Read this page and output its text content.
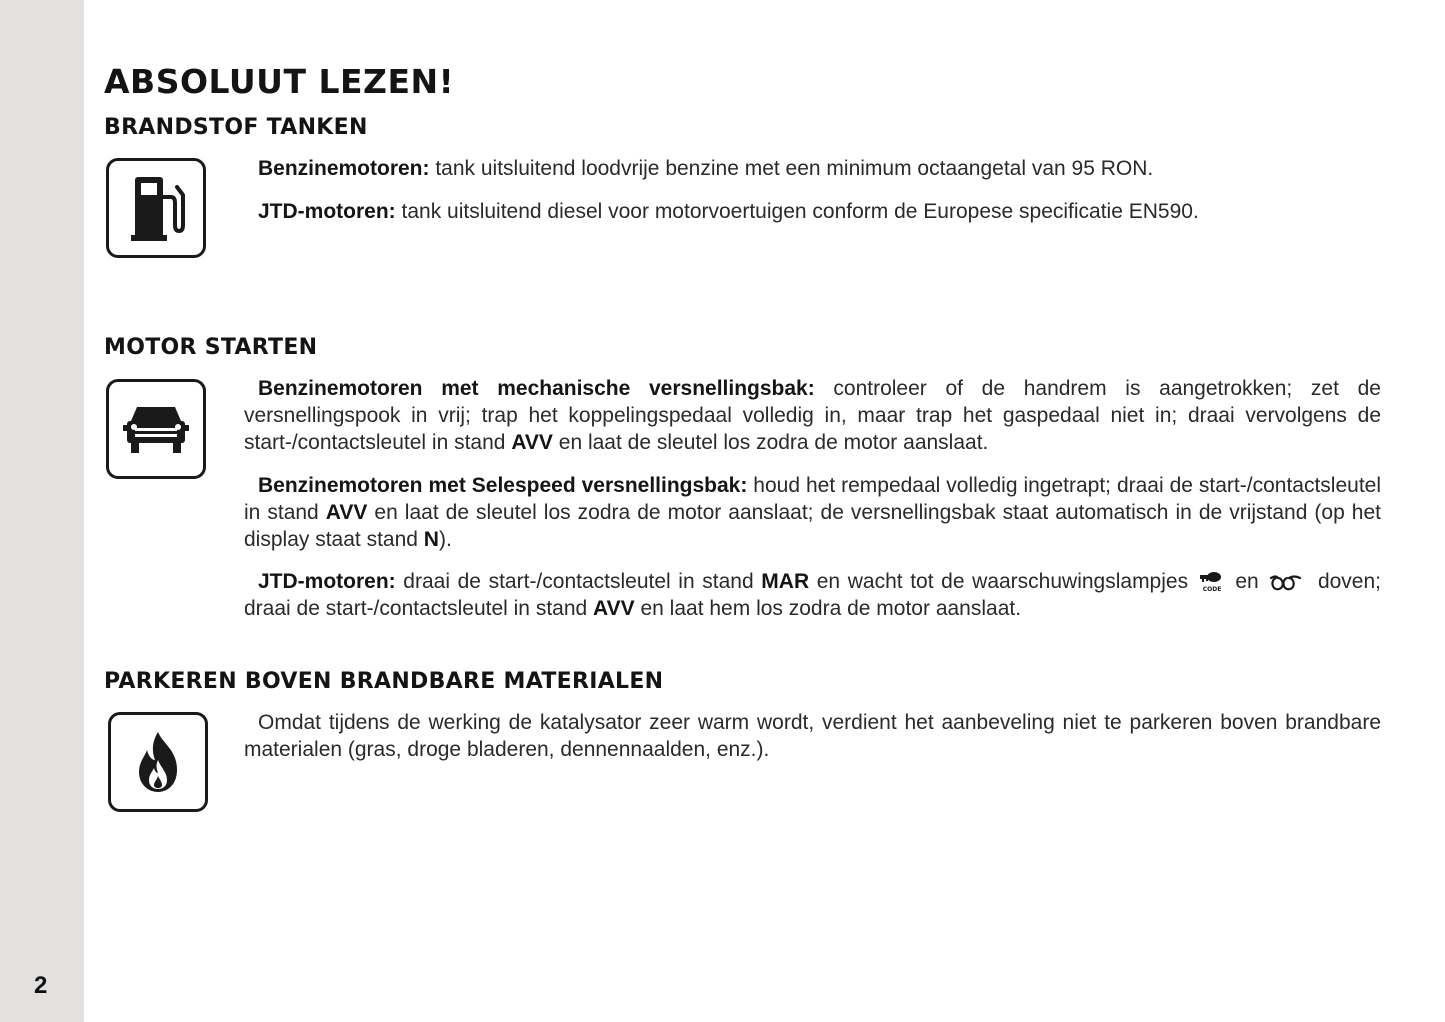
2
ABSOLUUT LEZEN!
BRANDSTOF TANKEN

Benzinemotoren: tank uitsluitend loodvrije benzine met een minimum octaangetal van 95 RON.

JTD-motoren: tank uitsluitend diesel voor motorvoertuigen conform de Europese specificatie EN590.

MOTOR STARTEN

Benzinemotoren met mechanische versnellingsbak: controleer of de handrem is aangetrokken; zet de versnellingspook in vrij; trap het koppelingspedaal volledig in, maar trap het gaspedaal niet in; draai vervolgens de start-/contactsleutel in stand AVV en laat de sleutel los zodra de motor aanslaat.

Benzinemotoren met Selespeed versnellingsbak: houd het rempedaal volledig ingetrapt; draai de start-/contactsleutel in stand AVV en laat de sleutel los zodra de motor aanslaat; de versnellingsbak staat automatisch in de vrijstand (op het display staat stand N).

JTD-motoren: draai de start-/contactsleutel in stand MAR en wacht tot de waarschuwingslampjes CODE en  doven; draai de start-/contactsleutel in stand AVV en laat hem los zodra de motor aanslaat.

PARKEREN BOVEN BRANDBARE MATERIALEN

Omdat tijdens de werking de katalysator zeer warm wordt, verdient het aanbeveling niet te parkeren boven brandbare materialen (gras, droge bladeren, dennennaalden, enz.).
